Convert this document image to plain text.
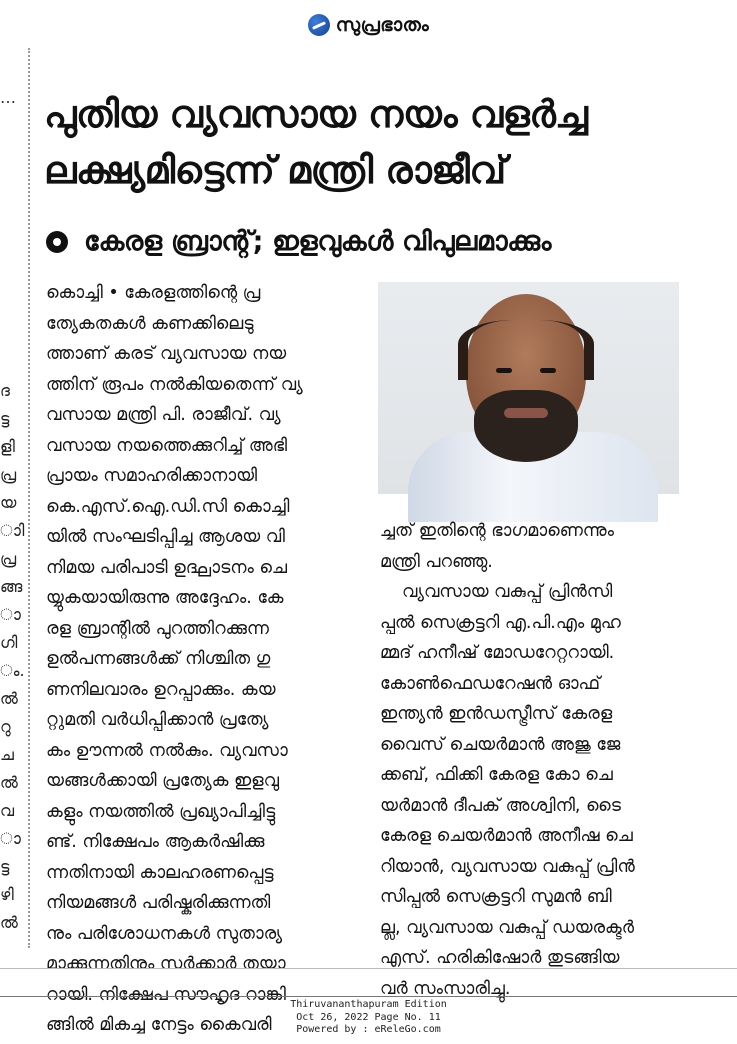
സുപ്രഭാതം
…
ദ
ട്ട
ളി
പ്ര
യ
ാി
പ്ര
ങ്ങ
ാ
ഗി
ം.
ൽ
റു
ച
ൽ
വ
ാ
ട്ട
ഴി
ൽ
പുതിയ വ്യവസായ നയം വളർച്ച
ലക്ഷ്യമിട്ടെന്ന് മന്ത്രി രാജീവ്
കേരള ബ്രാന്റ്; ഇളവുകൾ വിപുലമാക്കും
കൊച്ചി • കേരളത്തിന്റെ പ്ര
ത്യേകതകൾ കണക്കിലെടു
ത്താണ് കരട് വ്യവസായ നയ
ത്തിന് രൂപം നൽകിയതെന്ന് വ്യ
വസായ മന്ത്രി പി. രാജീവ്. വ്യ
വസായ നയത്തെക്കുറിച്ച് അഭി
പ്രായം സമാഹരിക്കാനായി
കെ.എസ്.ഐ.ഡി.സി കൊച്ചി
യിൽ സംഘടിപ്പിച്ച ആശയ വി
നിമയ പരിപാടി ഉദ്ഘാടനം ചെ
യ്യുകയായിരുന്നു അദ്ദേഹം. കേ
രള ബ്രാന്റിൽ പുറത്തിറക്കുന്ന
ഉൽപന്നങ്ങൾക്ക് നിശ്ചിത ഗു
ണനിലവാരം ഉറപ്പാക്കും. കയ
റ്റുമതി വർധിപ്പിക്കാൻ പ്രത്യേ
കം ഊന്നൽ നൽകും. വ്യവസാ
യങ്ങൾക്കായി പ്രത്യേക ഇളവു
കളും നയത്തിൽ പ്രഖ്യാപിച്ചിട്ടു
ണ്ട്. നിക്ഷേപം ആകർഷിക്കു
ന്നതിനായി കാലഹരണപ്പെട്ട
നിയമങ്ങൾ പരിഷ്കരിക്കുന്നതി
നും പരിശോധനകൾ സുതാര്യ
മാക്കുന്നതിനും സർക്കാർ തയാ
റായി. നിക്ഷേപ സൗഹൃദ റാങ്കി
ങ്ങിൽ മികച്ച നേട്ടം കൈവരി
ച്ചത് ഇതിന്റെ ഭാഗമാണെന്നും
മന്ത്രി പറഞ്ഞു.
വ്യവസായ വകുപ്പ് പ്രിൻസി
പ്പൽ സെക്രട്ടറി എ.പി.എം മുഹ
മ്മദ് ഹനീഷ് മോഡറേറ്ററായി.
കോൺഫെഡറേഷൻ ഓഫ്
ഇന്ത്യൻ ഇൻഡസ്ട്രീസ് കേരള
വൈസ് ചെയർമാൻ അജു ജേ
ക്കബ്, ഫിക്കി കേരള കോ ചെ
യർമാൻ ദീപക് അശ്വിനി, ടൈ
കേരള ചെയർമാൻ അനീഷ ചെ
റിയാൻ, വ്യവസായ വകുപ്പ് പ്രിൻ
സിപ്പൽ സെക്രട്ടറി സുമൻ ബി
ല്ല, വ്യവസായ വകുപ്പ് ഡയരക്ടർ
എസ്. ഹരികിഷോർ തുടങ്ങിയ
വർ സംസാരിച്ചു.
Thiruvananthapuram Edition
Oct 26, 2022 Page No. 11
Powered by : eReleGo.com
